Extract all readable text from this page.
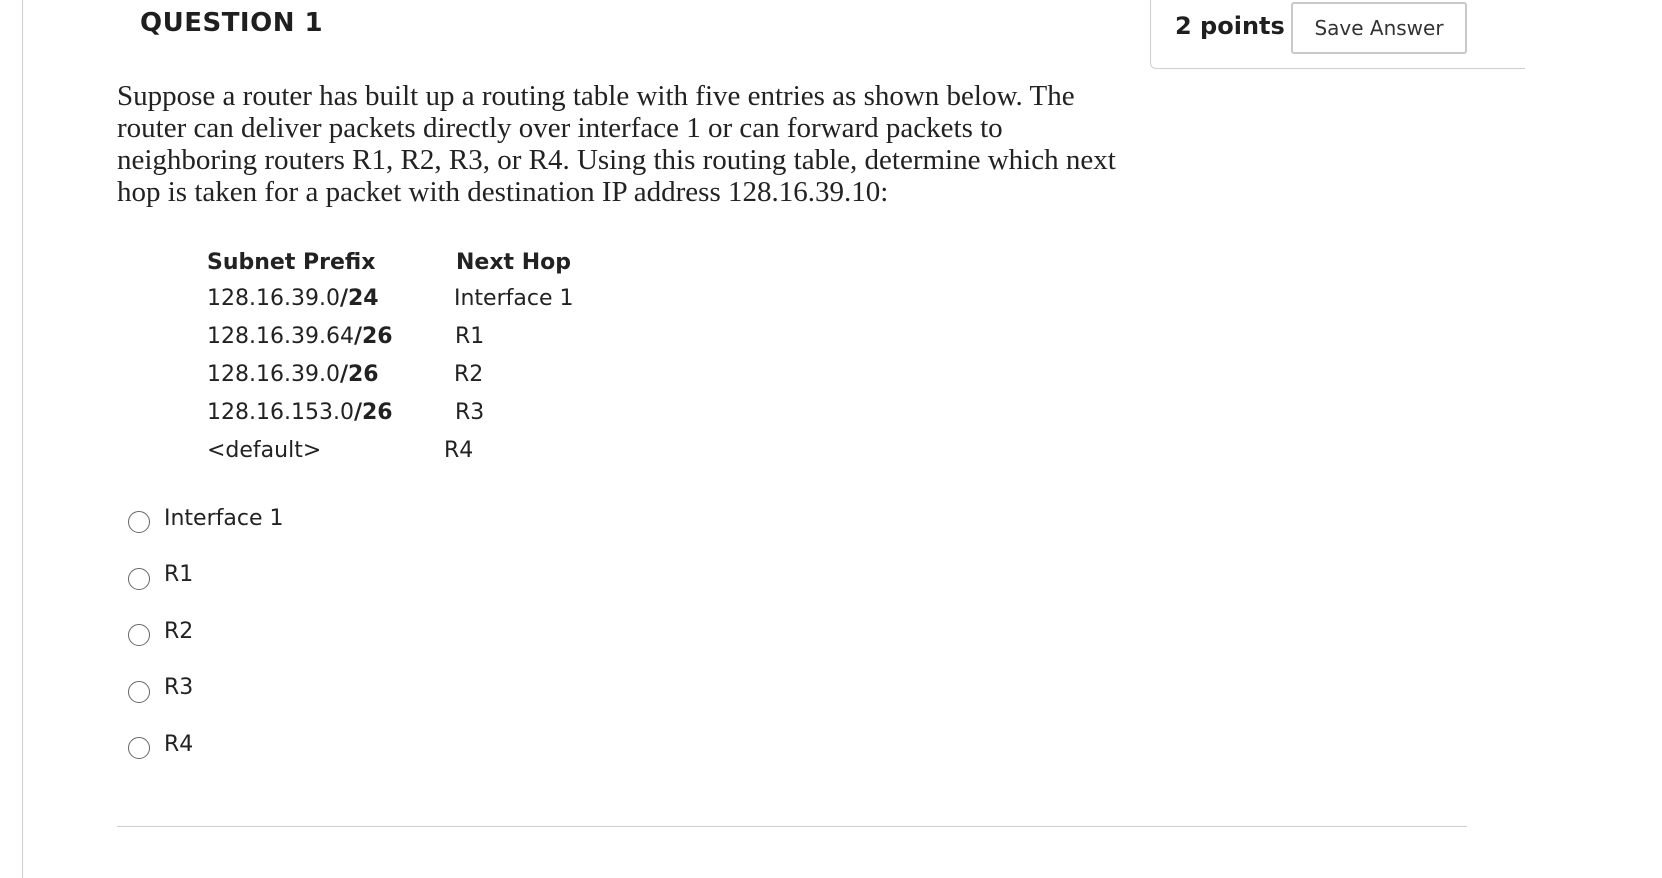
QUESTION 1	2 points	Save Answer
Suppose a router has built up a routing table with five entries as shown below. The router can deliver packets directly over interface 1 or can forward packets to neighboring routers R1, R2, R3, or R4. Using this routing table, determine which next hop is taken for a packet with destination IP address 128.16.39.10:
Subnet Prefix	Next Hop
128.16.39.0/24	Interface 1
128.16.39.64/26	R1
128.16.39.0/26	R2
128.16.153.0/26	R3
<default>	R4
Interface 1
R1
R2
R3
R4
